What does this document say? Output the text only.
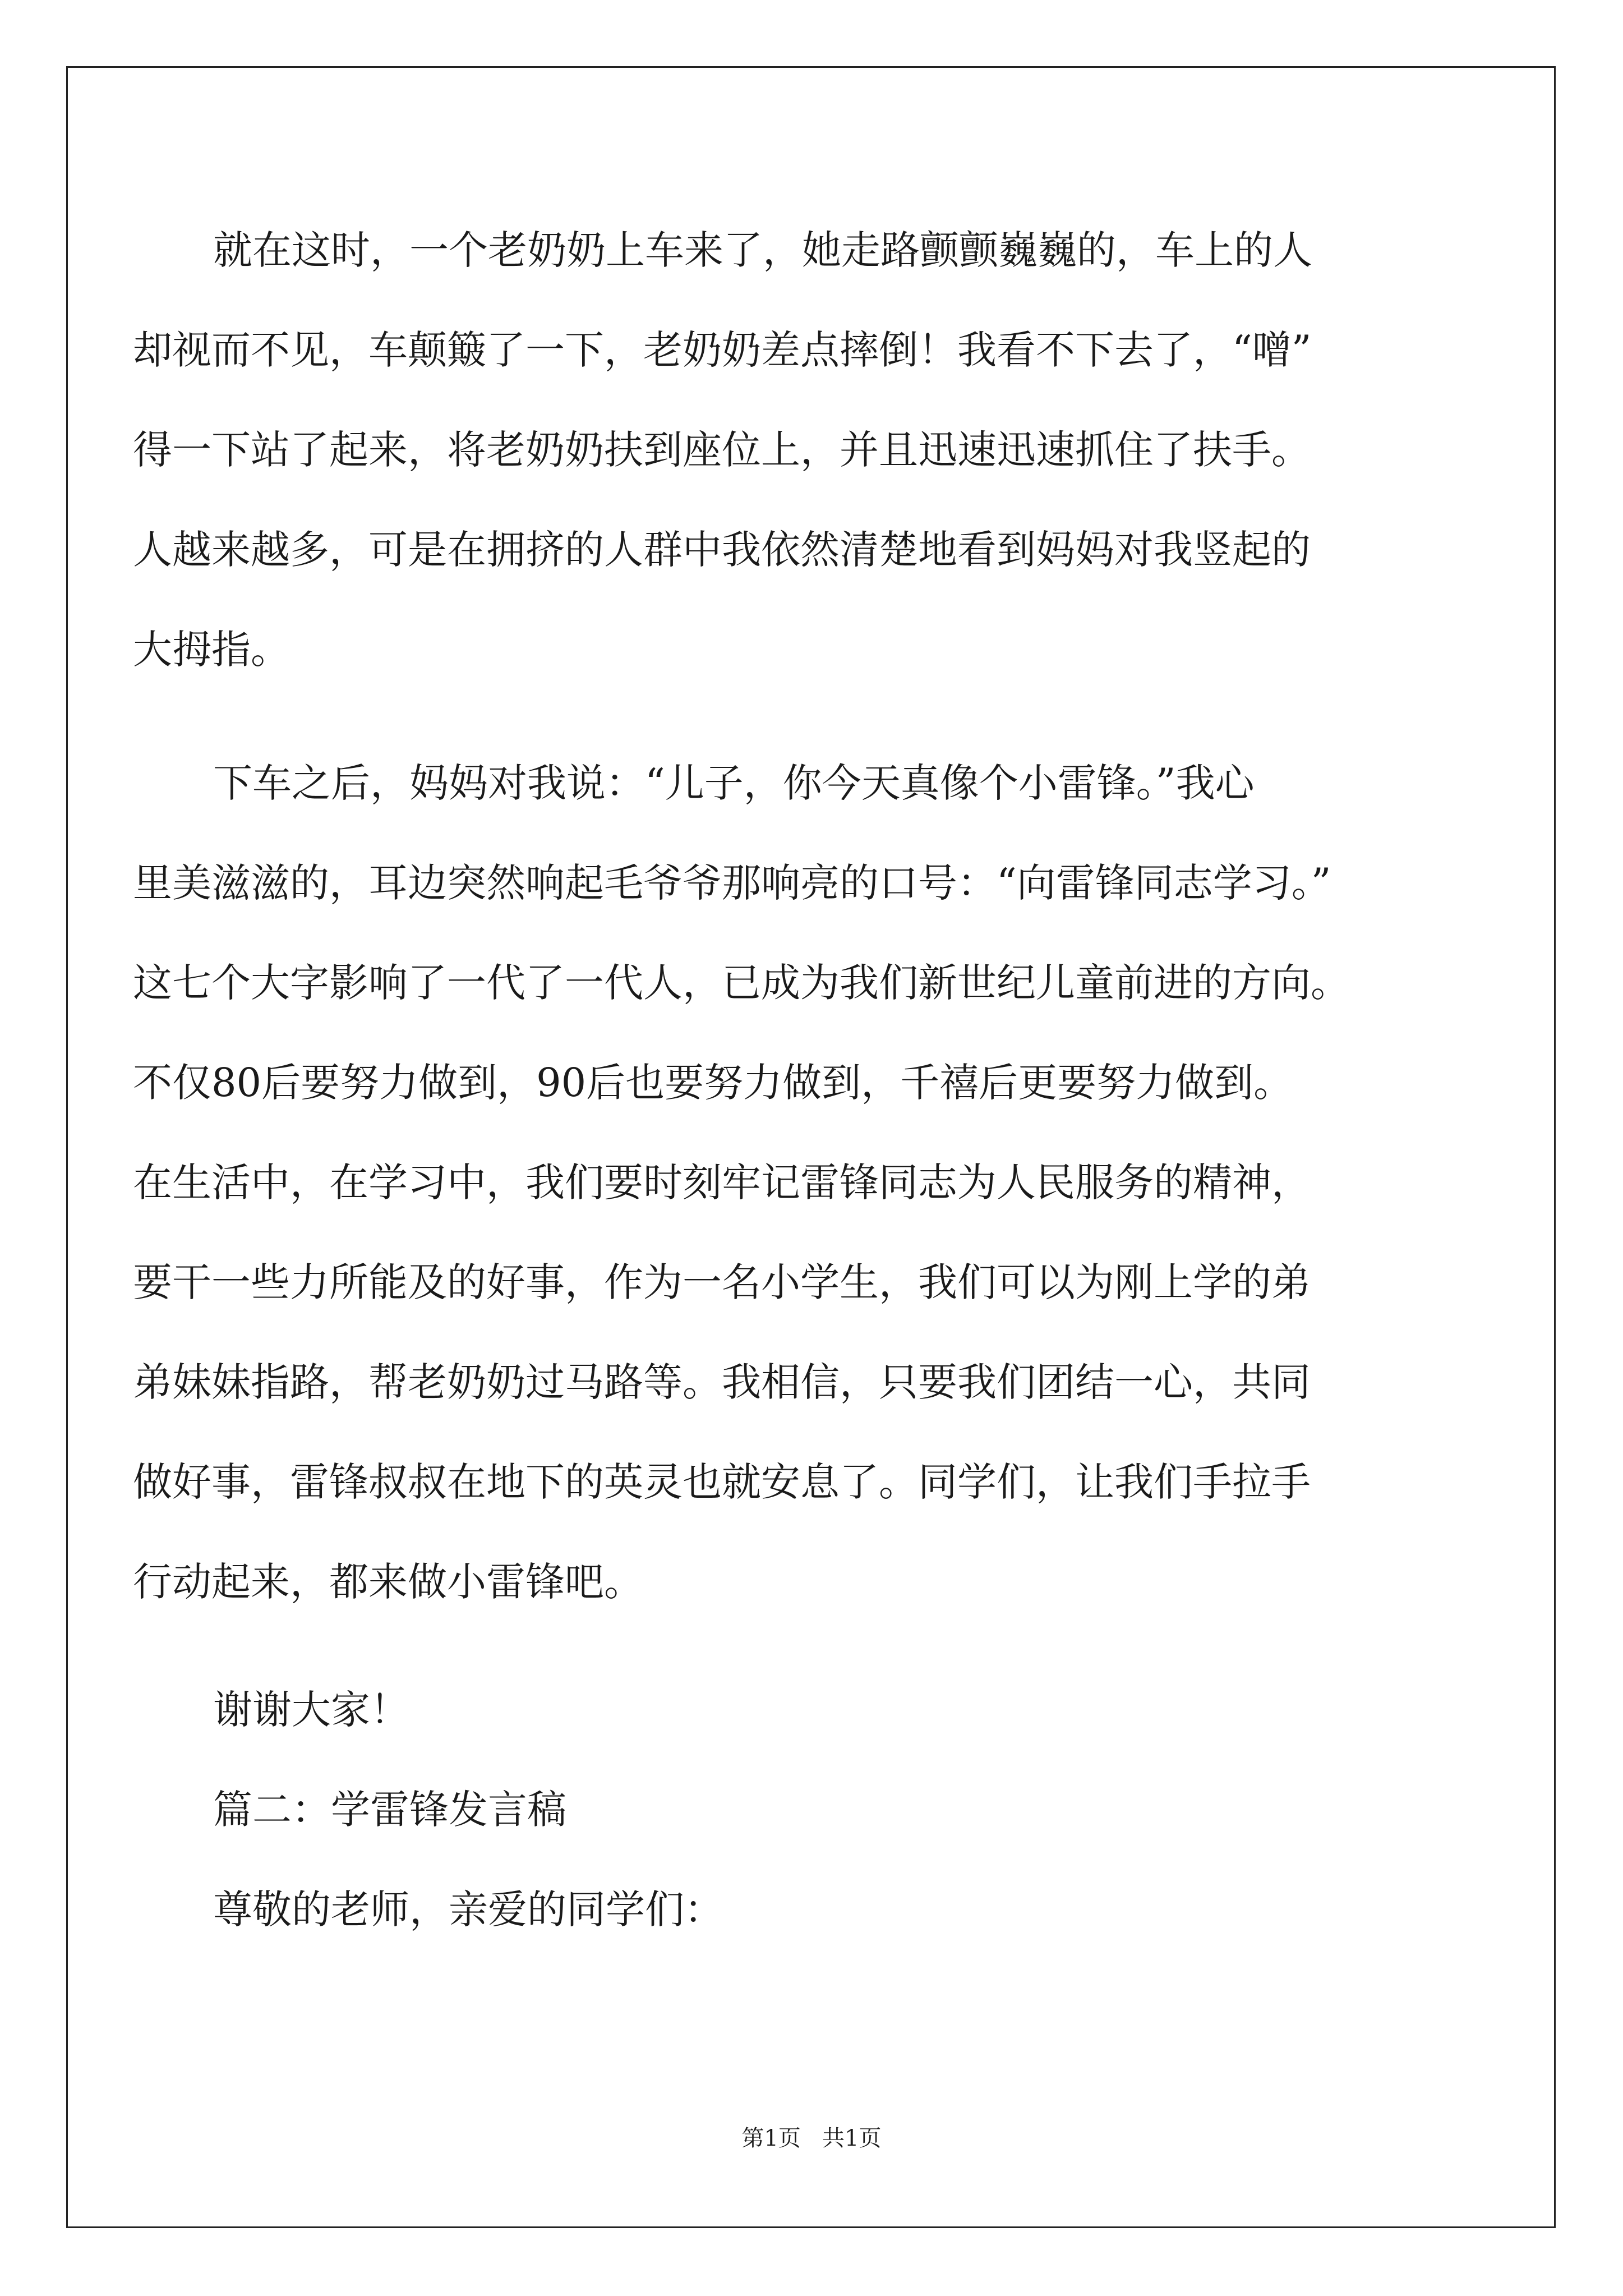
就在这时，一个老奶奶上车来了，她走路颤颤巍巍的，车上的人
却视而不见，车颠簸了一下，老奶奶差点摔倒！我看不下去了，“噌”
得一下站了起来，将老奶奶扶到座位上，并且迅速迅速抓住了扶手。
人越来越多，可是在拥挤的人群中我依然清楚地看到妈妈对我竖起的
大拇指。
下车之后，妈妈对我说：“儿子，你今天真像个小雷锋。”我心
里美滋滋的，耳边突然响起毛爷爷那响亮的口号：“向雷锋同志学习。”
这七个大字影响了一代了一代人，已成为我们新世纪儿童前进的方向。
不仅80后要努力做到，90后也要努力做到，千禧后更要努力做到。
在生活中，在学习中，我们要时刻牢记雷锋同志为人民服务的精神，
要干一些力所能及的好事，作为一名小学生，我们可以为刚上学的弟
弟妹妹指路，帮老奶奶过马路等。我相信，只要我们团结一心，共同
做好事，雷锋叔叔在地下的英灵也就安息了。同学们，让我们手拉手
行动起来，都来做小雷锋吧。
谢谢大家！
篇二：学雷锋发言稿
尊敬的老师，亲爱的同学们：
第1页   共1页
